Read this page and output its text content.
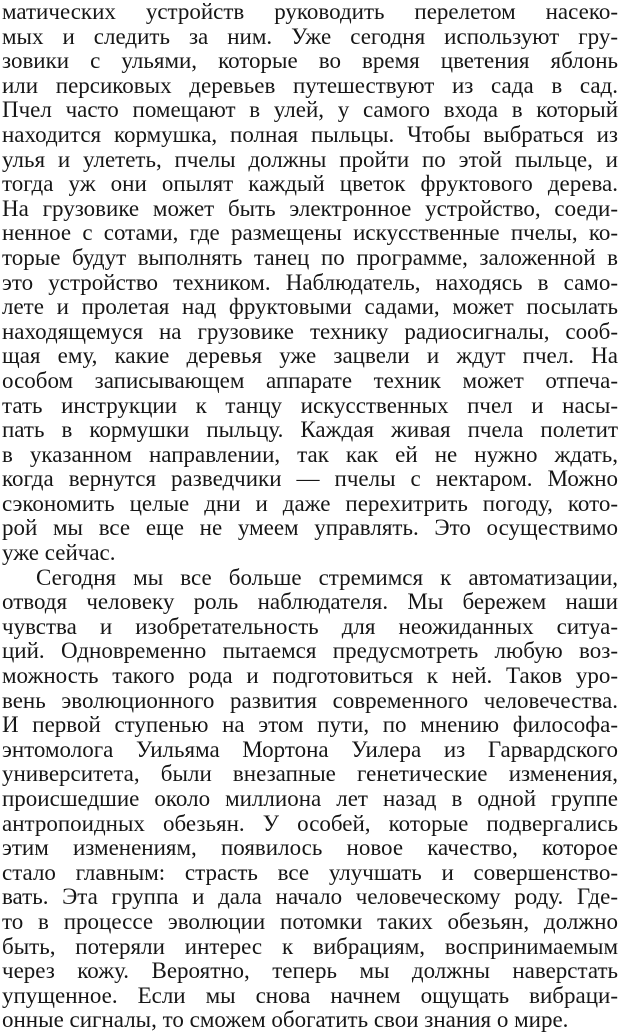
матических устройств руководить перелетом насеко-
мых и следить за ним. Уже сегодня используют гру-
зовики с ульями, которые во время цветения яблонь
или персиковых деревьев путешествуют из сада в сад.
Пчел часто помещают в улей, у самого входа в который
находится кормушка, полная пыльцы. Чтобы выбраться из
улья и улететь, пчелы должны пройти по этой пыльце, и
тогда уж они опылят каждый цветок фруктового дерева.
На грузовике может быть электронное устройство, соеди-
ненное с сотами, где размещены искусственные пчелы, ко-
торые будут выполнять танец по программе, заложенной в
это устройство техником. Наблюдатель, находясь в само-
лете и пролетая над фруктовыми садами, может посылать
находящемуся на грузовике технику радиосигналы, сооб-
щая ему, какие деревья уже зацвели и ждут пчел. На
особом записывающем аппарате техник может отпеча-
тать инструкции к танцу искусственных пчел и насы-
пать в кормушки пыльцу. Каждая живая пчела полетит
в указанном направлении, так как ей не нужно ждать,
когда вернутся разведчики — пчелы с нектаром. Можно
сэкономить целые дни и даже перехитрить погоду, кото-
рой мы все еще не умеем управлять. Это осуществимо
уже сейчас.
Сегодня мы все больше стремимся к автоматизации,
отводя человеку роль наблюдателя. Мы бережем наши
чувства и изобретательность для неожиданных ситуа-
ций. Одновременно пытаемся предусмотреть любую воз-
можность такого рода и подготовиться к ней. Таков уро-
вень эволюционного развития современного человечества.
И первой ступенью на этом пути, по мнению философа-
энтомолога Уильяма Мортона Уилера из Гарвардского
университета, были внезапные генетические изменения,
происшедшие около миллиона лет назад в одной группе
антропоидных обезьян. У особей, которые подвергались
этим изменениям, появилось новое качество, которое
стало главным: страсть все улучшать и совершенство-
вать. Эта группа и дала начало человеческому роду. Где-
то в процессе эволюции потомки таких обезьян, должно
быть, потеряли интерес к вибрациям, воспринимаемым
через кожу. Вероятно, теперь мы должны наверстать
упущенное. Если мы снова начнем ощущать вибраци-
онные сигналы, то сможем обогатить свои знания о мире.
